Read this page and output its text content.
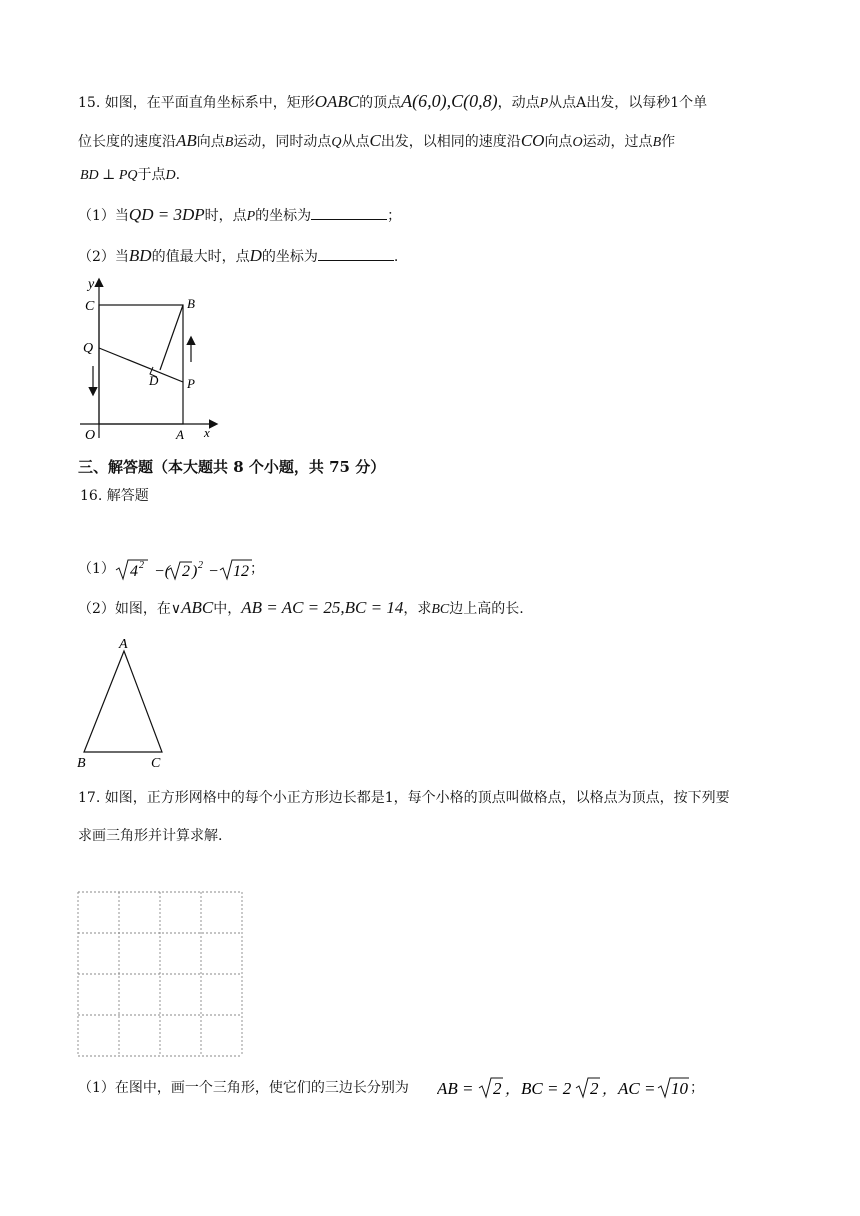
15. 如图，在平面直角坐标系中，矩形OABC的顶点A(6,0),C(0,8)，动点P从点A出发，以每秒1个单
位长度的速度沿AB向点B运动，同时动点Q从点C出发，以相同的速度沿CO向点O运动，过点B作
BD ⊥ PQ于点D.
（1）当QD = 3DP时，点P的坐标为	；
（2）当BD的值最大时，点D的坐标为	.
y
C	B
Q
D P
O	A x
三、解答题（本大题共 8 个小题，共 75 分）
16. 解答题
（1） 4 2 −( 2 ) 2 − 12 ；
（2）如图，在∨ABC中，AB = AC = 25,BC = 14，求BC边上高的长.
A
B	C
17. 如图，正方形网格中的每个小正方形边长都是1，每个小格的顶点叫做格点，以格点为顶点，按下列要
求画三角形并计算求解.
（1）在图中，画一个三角形，使它们的三边长分别为 AB = 2 ， BC = 2 2 ， AC = 10 ；
